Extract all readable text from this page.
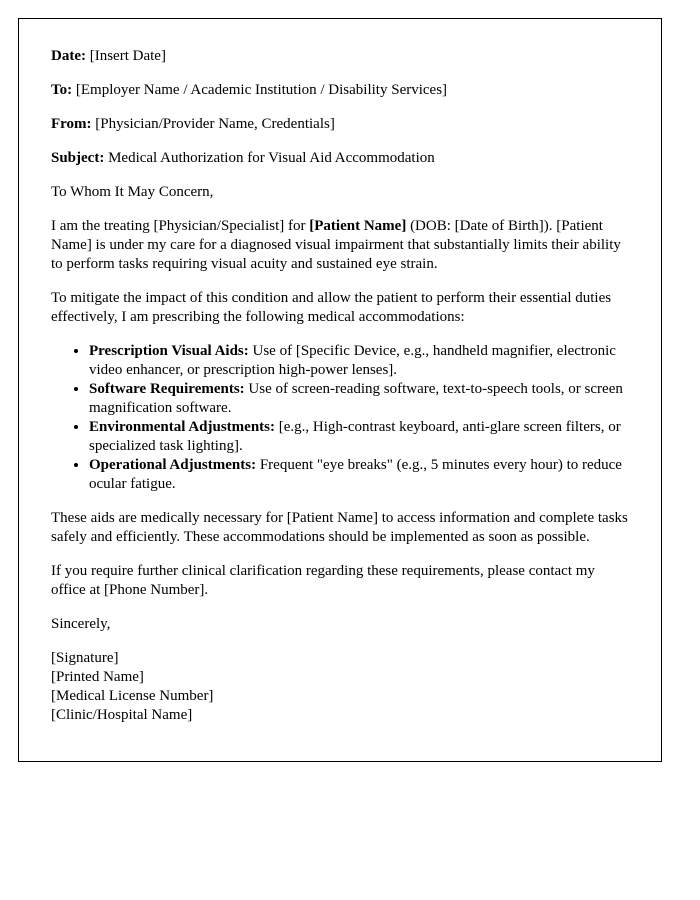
Date: [Insert Date]

To: [Employer Name / Academic Institution / Disability Services]

From: [Physician/Provider Name, Credentials]

Subject: Medical Authorization for Visual Aid Accommodation

To Whom It May Concern,

I am the treating [Physician/Specialist] for [Patient Name] (DOB: [Date of Birth]). [Patient Name] is under my care for a diagnosed visual impairment that substantially limits their ability to perform tasks requiring visual acuity and sustained eye strain.

To mitigate the impact of this condition and allow the patient to perform their essential duties effectively, I am prescribing the following medical accommodations:

• Prescription Visual Aids: Use of [Specific Device, e.g., handheld magnifier, electronic video enhancer, or prescription high-power lenses].
• Software Requirements: Use of screen-reading software, text-to-speech tools, or screen magnification software.
• Environmental Adjustments: [e.g., High-contrast keyboard, anti-glare screen filters, or specialized task lighting].
• Operational Adjustments: Frequent "eye breaks" (e.g., 5 minutes every hour) to reduce ocular fatigue.

These aids are medically necessary for [Patient Name] to access information and complete tasks safely and efficiently. These accommodations should be implemented as soon as possible.

If you require further clinical clarification regarding these requirements, please contact my office at [Phone Number].

Sincerely,

[Signature]

[Printed Name]

[Medical License Number]

[Clinic/Hospital Name]
